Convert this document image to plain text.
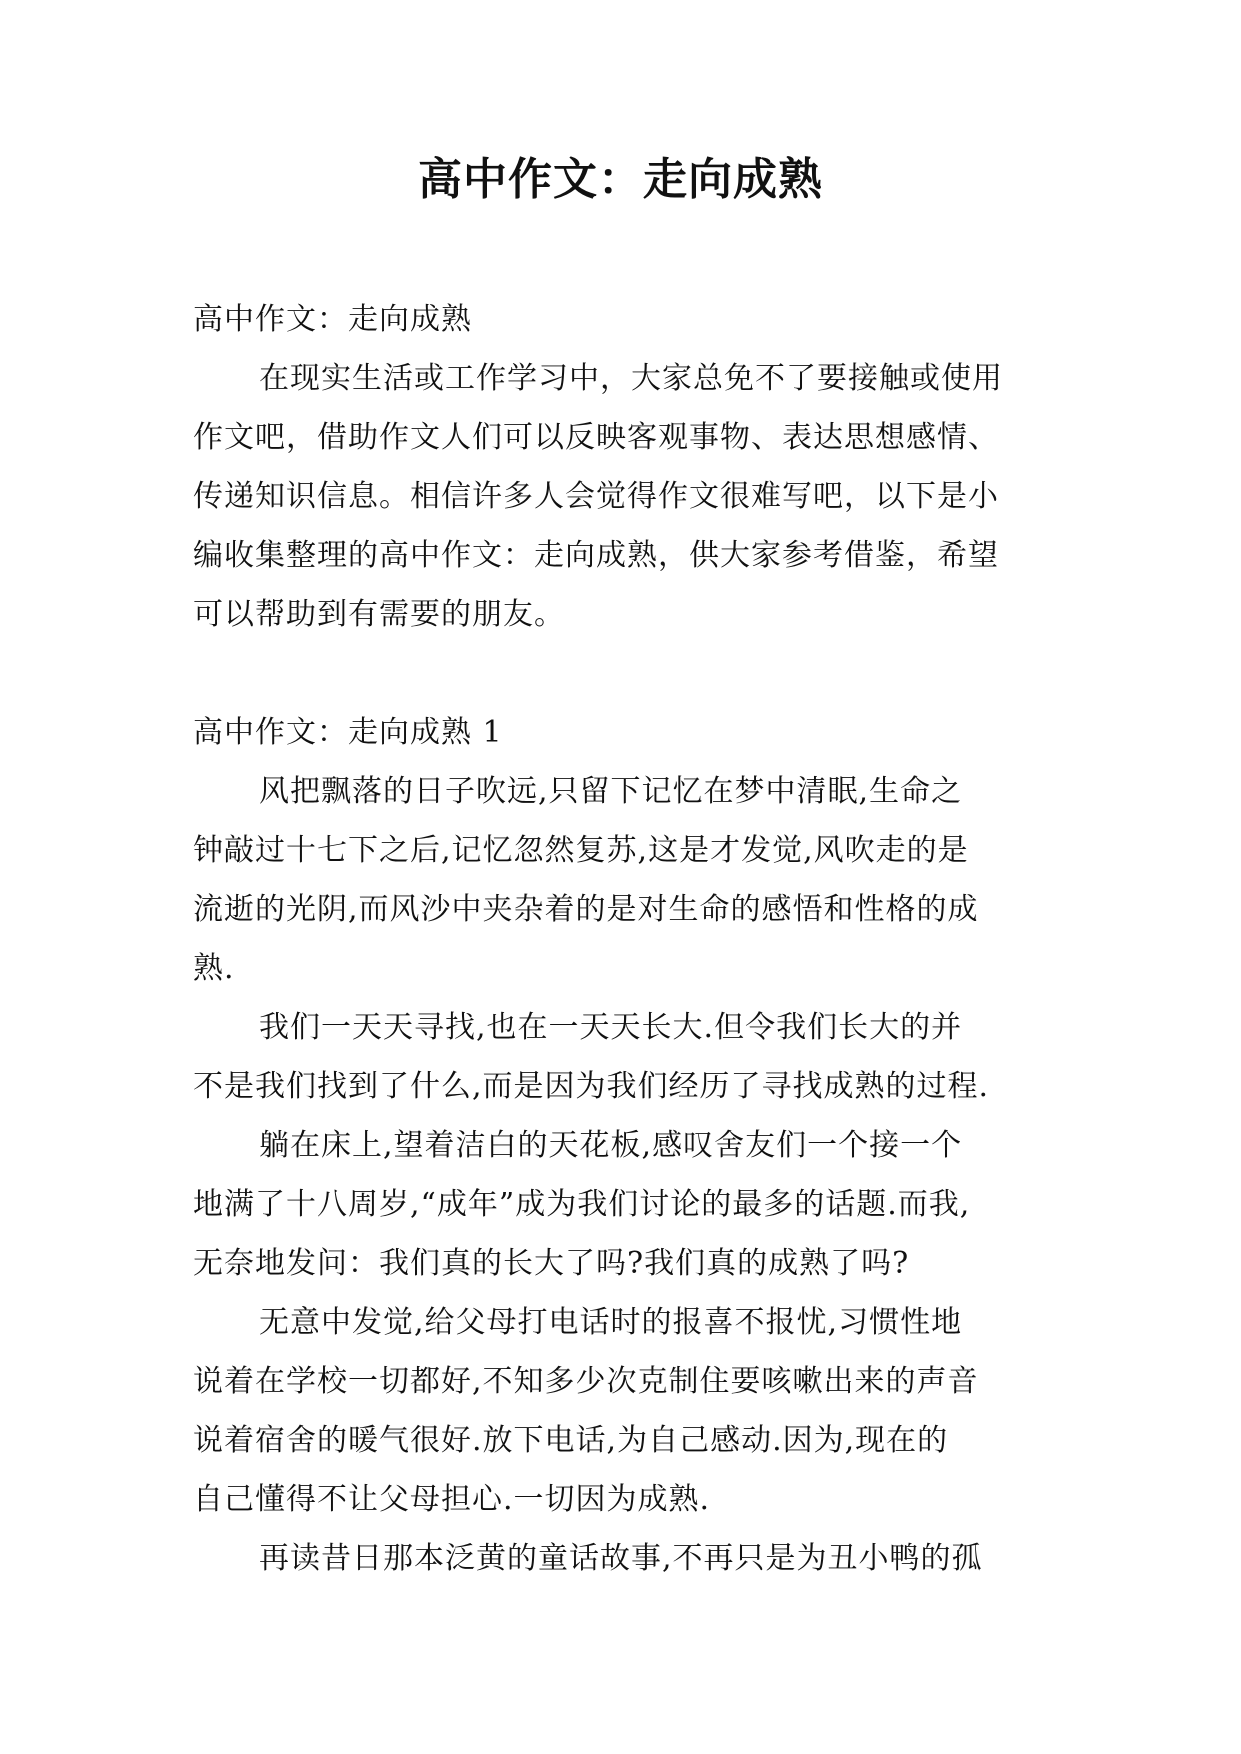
高中作文：走向成熟
高中作文：走向成熟
在现实生活或工作学习中，大家总免不了要接触或使用
作文吧，借助作文人们可以反映客观事物、表达思想感情、
传递知识信息。相信许多人会觉得作文很难写吧，以下是小
编收集整理的高中作文：走向成熟，供大家参考借鉴，希望
可以帮助到有需要的朋友。
高中作文：走向成熟 1
风把飘落的日子吹远,只留下记忆在梦中清眠,生命之
钟敲过十七下之后,记忆忽然复苏,这是才发觉,风吹走的是
流逝的光阴,而风沙中夹杂着的是对生命的感悟和性格的成
熟.
我们一天天寻找,也在一天天长大.但令我们长大的并
不是我们找到了什么,而是因为我们经历了寻找成熟的过程.
躺在床上,望着洁白的天花板,感叹舍友们一个接一个
地满了十八周岁,“成年”成为我们讨论的最多的话题.而我,
无奈地发问：我们真的长大了吗?我们真的成熟了吗?
无意中发觉,给父母打电话时的报喜不报忧,习惯性地
说着在学校一切都好,不知多少次克制住要咳嗽出来的声音
说着宿舍的暖气很好.放下电话,为自己感动.因为,现在的
自己懂得不让父母担心.一切因为成熟.
再读昔日那本泛黄的童话故事,不再只是为丑小鸭的孤
